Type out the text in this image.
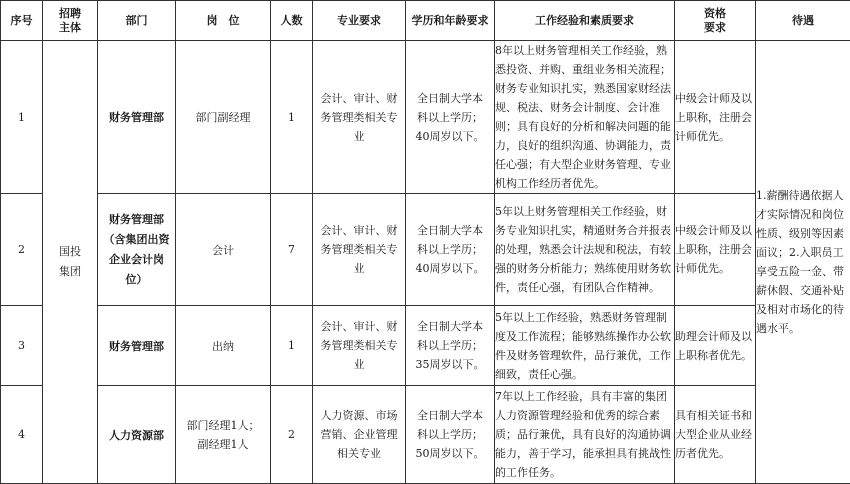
序号	招聘主体	部门	岗　位	人数	专业要求	学历和年龄要求	工作经验和素质要求	资格要求	待遇
1	国投集团	财务管理部	部门副经理	1	会计、审计、财务管理类相关专业	全日制大学本科以上学历；40周岁以下。	8年以上财务管理相关工作经验，熟悉投资、并购、重组业务相关流程；财务专业知识扎实，熟悉国家财经法规、税法、财务会计制度、会计准则；具有良好的分析和解决问题的能力，良好的组织沟通、协调能力，责任心强；有大型企业财务管理、专业机构工作经历者优先。	中级会计师及以上职称，注册会计师优先。	1.薪酬待遇依据人才实际情况和岗位性质、级别等因素面议；2.入职员工享受五险一金、带薪休假、交通补贴及相对市场化的待遇水平。

2		财务管理部（含集团出资企业会计岗位）	会计	7	会计、审计、财务管理类相关专业	全日制大学本科以上学历；40周岁以下。	5年以上财务管理相关工作经验，财务专业知识扎实，精通财务合并报表的处理，熟悉会计法规和税法，有较强的财务分析能力；熟练使用财务软件，责任心强，有团队合作精神。	中级会计师及以上职称，注册会计师优先。	

3		财务管理部	出纳	1	会计、审计、财务管理类相关专业	全日制大学本科以上学历；35周岁以下。	5年以上工作经验，熟悉财务管理制度及工作流程；能够熟练操作办公软件及财务管理软件，品行兼优，工作细致，责任心强。	助理会计师及以上职称者优先。	

4		人力资源部	部门经理1人；副经理1人	2	人力资源、市场营销、企业管理相关专业	全日制大学本科以上学历；50周岁以下。	7年以上工作经验，具有丰富的集团人力资源管理经验和优秀的综合素质；品行兼优，具有良好的沟通协调能力，善于学习，能承担具有挑战性的工作任务。	具有相关证书和大型企业从业经历者优先。	
